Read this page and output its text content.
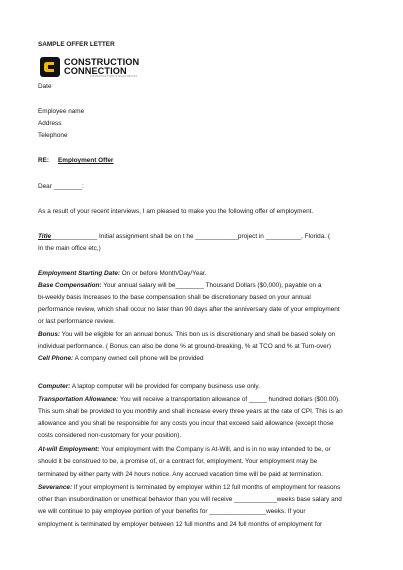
SAMPLE OFFER LETTER
CONSTRUCTION
CONNECTION
CONSTRUCTION & ELECTRICAL
Date
Employee name
Address
Telephone
RE: Employment Offer
Dear ________:
As a result of your recent interviews, I am pleased to make you the following offer of employment.
Title_____________ Initial assignment shall be on t he ____________project in __________, Florida. (
In the main office etc,)
Employment Starting Date: On or before Month/Day/Year.
Base Compensation: Your annual salary will be________ Thousand Dollars ($0,000), payable on a
bi-weekly basis Increases to the base compensation shall be discretionary based on your annual
performance review, which shall occur no later than 90 days after the anniversary date of your employment
or last performance review.
Bonus: You will be eligible for an annual bonus. This bon us is discretionary and shall be based solely on
individual performance. ( Bonus can also be done % at ground-breaking, % at TCO and % at Turn-over)
Cell Phone: A company owned cell phone will be provided
Computer: A laptop computer will be provided for company business use only.
Transportation Allowance: You will receive a transportation allowance of _____ hundred dollars ($00.00).
This sum shall be provided to you monthly and shall increase every three years at the rate of CPI. This is an
allowance and you shall be responsible for any costs you incur that exceed said allowance (except those
costs considered non-customary for your position).
At-will Employment: Your employment with the Company is At-Will, and is in no way intended to be, or
should it be construed to be, a promise of, or a contract for, employment. Your employment may be
terminated by either party with 24 hours notice. Any accrued vacation time will be paid at termination.
Severance: If your employment is terminated by employer within 12 full months of employment for reasons
other than insubordination or unethical behavior than you will receive ____________weeks base salary and
we will continue to pay employee portion of your benefits for ________________weeks. If your
employment is terminated by employer between 12 full months and 24 full months of employment for
